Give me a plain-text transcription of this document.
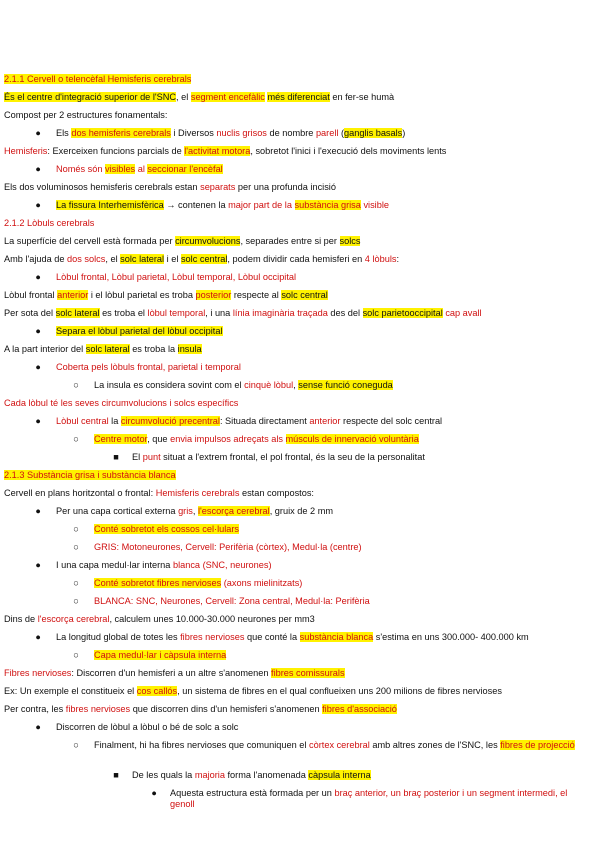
2.1.1 Cervell o telencèfal Hemisferis cerebrals
És el centre d'integració superior de l'SNC, el segment encefàlic més diferenciat en fer-se humà
Compost per 2 estructures fonamentals:
● Els dos hemisferis cerebrals i Diversos nuclis grisos de nombre parell (ganglis basals)
Hemisferis: Exerceixen funcions parcials de l'activitat motora, sobretot l'inici i l'execució dels moviments lents
● Només són visibles al seccionar l'encèfal
Els dos voluminosos hemisferis cerebrals estan separats per una profunda incisió
● La fissura Interhemisfèrica → contenen la major part de la substància grisa visible
2.1.2 Lòbuls cerebrals
La superfície del cervell està formada per circumvolucions, separades entre si per solcs
Amb l'ajuda de dos solcs, el solc lateral i el solc central, podem dividir cada hemisferi en 4 lòbuls:
● Lòbul frontal, Lòbul parietal, Lòbul temporal, Lòbul occipital
Lòbul frontal anterior i el lòbul parietal es troba posterior respecte al solc central
Per sota del solc lateral es troba el lòbul temporal, i una línia imaginària traçada des del solc parietooccipital cap avall
● Separa el lòbul parietal del lòbul occipital
A la part interior del solc lateral es troba la insula
● Coberta pels lòbuls frontal, parietal i temporal
○ La insula es considera sovint com el cinquè lòbul, sense funció coneguda
Cada lòbul té les seves circumvolucions i solcs específics
● Lòbul central la circumvolució precentral: Situada directament anterior respecte del solc central
○ Centre motor, que envia impulsos adreçats als músculs de innervació voluntària
■ El punt situat a l'extrem frontal, el pol frontal, és la seu de la personalitat
2.1.3 Substància grisa i substància blanca
Cervell en plans horitzontal o frontal: Hemisferis cerebrals estan compostos:
● Per una capa cortical externa gris, l'escorça cerebral, gruix de 2 mm
○ Conté sobretot els cossos cel·lulars
○ GRIS: Motoneurones, Cervell: Perifèria (còrtex), Medul·la (centre)
● I una capa medul·lar interna blanca (SNC, neurones)
○ Conté sobretot fibres nervioses (axons mielinitzats)
○ BLANCA: SNC, Neurones, Cervell: Zona central, Medul·la: Perifèria
Dins de l'escorça cerebral, calculem unes 10.000-30.000 neurones per mm3
● La longitud global de totes les fibres nervioses que conté la substància blanca s'estima en uns 300.000- 400.000 km
○ Capa medul·lar i càpsula interna
Fibres nervioses: Discorren d'un hemisferi a un altre s'anomenen fibres comissurals
Ex: Un exemple el constitueix el cos callós, un sistema de fibres en el qual conflueixen uns 200 milions de fibres nervioses
Per contra, les fibres nervioses que discorren dins d'un hemisferi s'anomenen fibres d'associació
● Discorren de lòbul a lòbul o bé de solc a solc
○ Finalment, hi ha fibres nervioses que comuniquen el còrtex cerebral amb altres zones de l'SNC, les fibres de projecció
■ De les quals la majoria forma l'anomenada càpsula interna
● Aquesta estructura està formada per un braç anterior, un braç posterior i un segment intermedi, el genoll
